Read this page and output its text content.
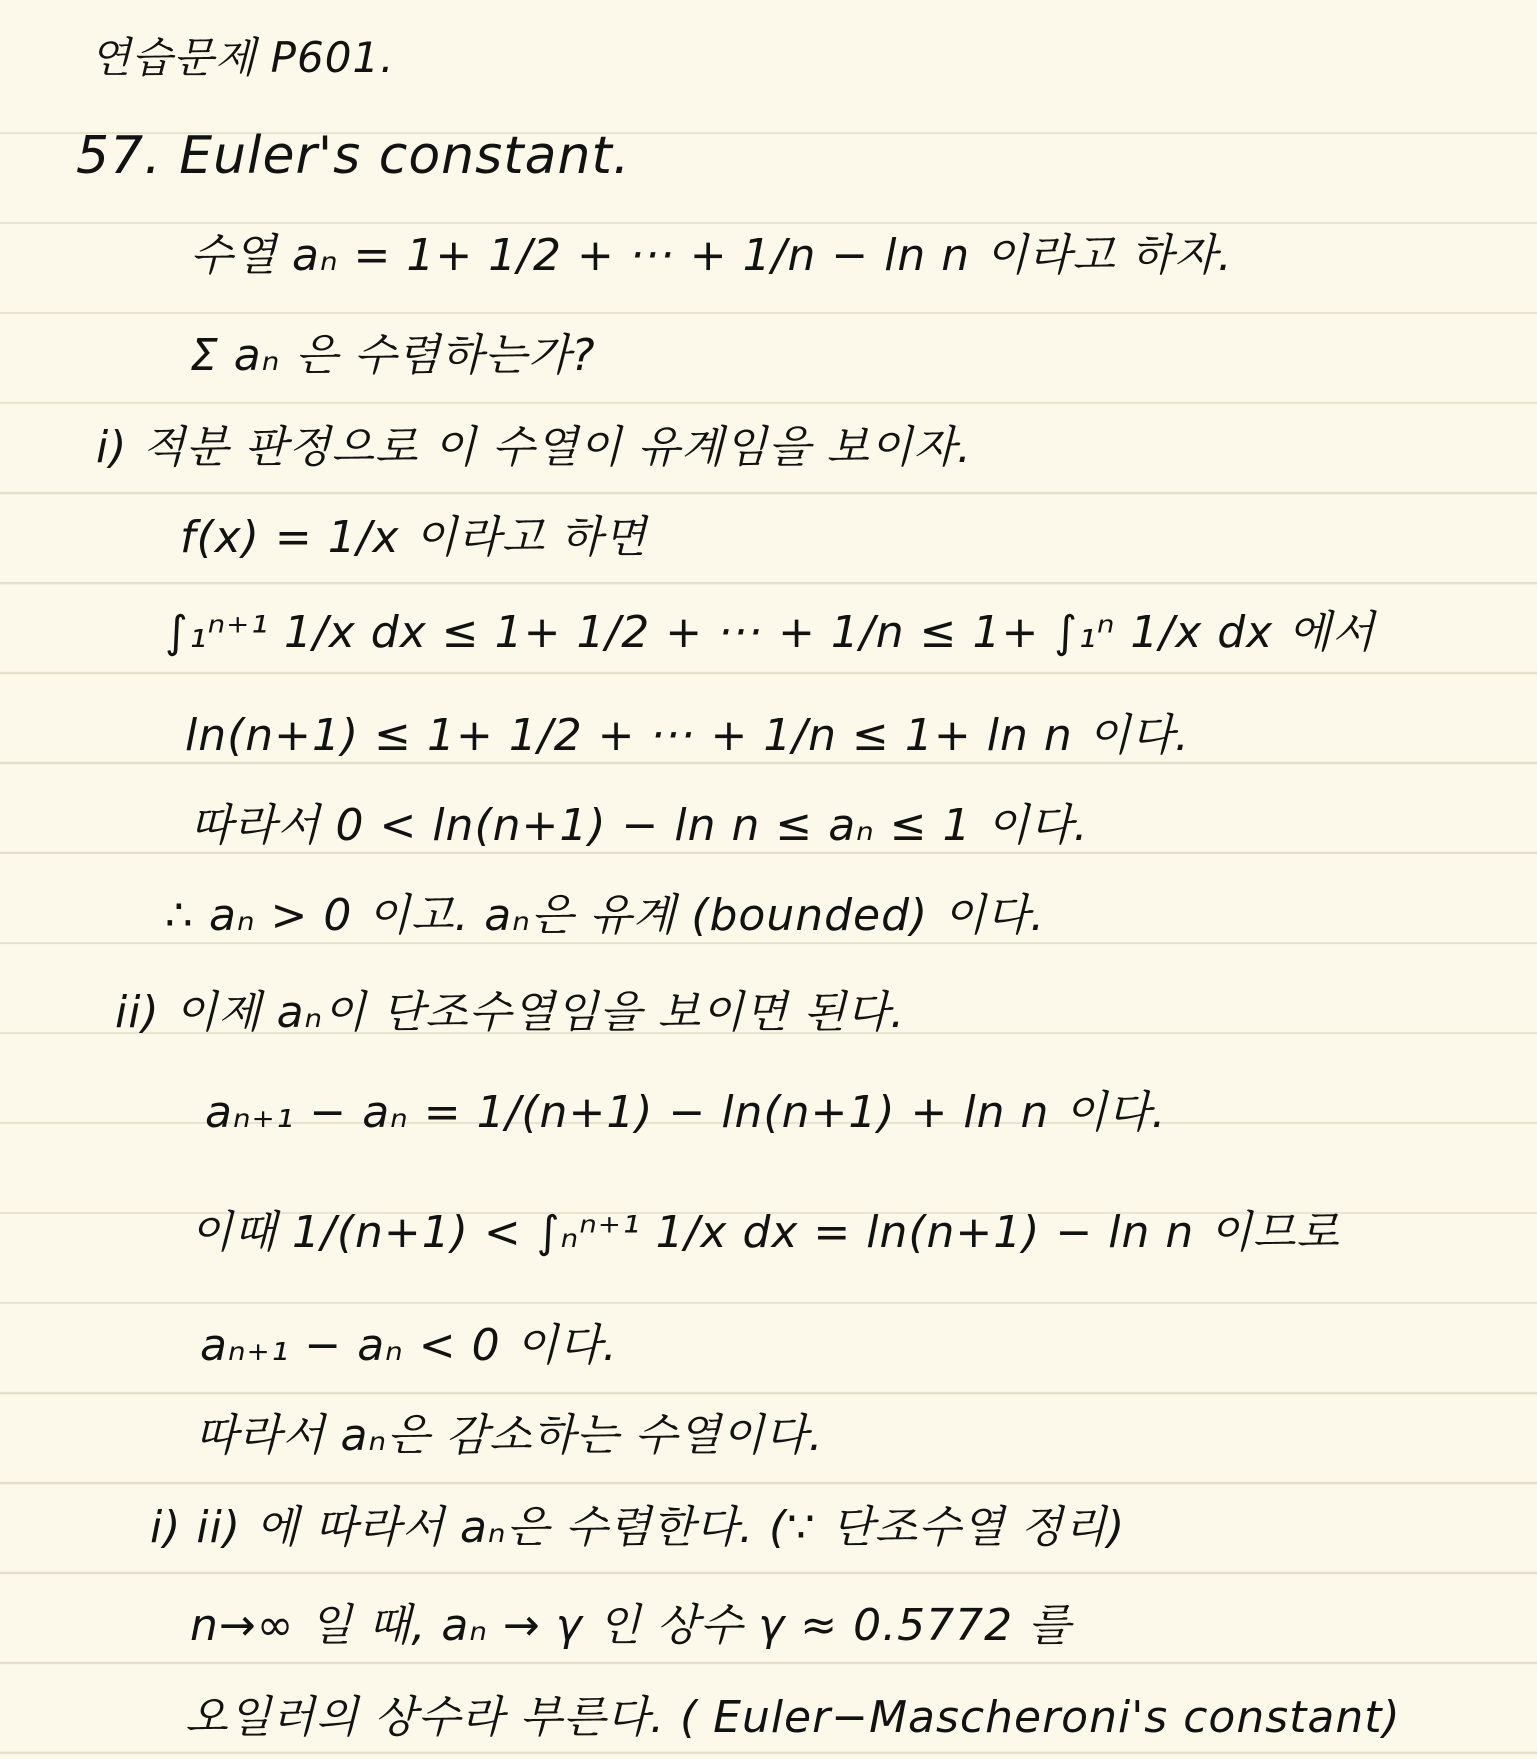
연습문제 P601.
57. Euler's constant.
수열 aₙ = 1+ 1/2 + ··· + 1/n − ln n 이라고 하자.
Σ aₙ 은 수렴하는가?
i) 적분 판정으로 이 수열이 유계임을 보이자.
f(x) = 1/x 이라고 하면
∫₁ⁿ⁺¹ 1/x dx ≤ 1+ 1/2 + ··· + 1/n ≤ 1+ ∫₁ⁿ 1/x dx 에서
ln(n+1) ≤ 1+ 1/2 + ··· + 1/n ≤ 1+ ln n 이다.
따라서 0 < ln(n+1) − ln n ≤ aₙ ≤ 1 이다.
∴ aₙ > 0 이고. aₙ은 유계 (bounded) 이다.
ii) 이제 aₙ이 단조수열임을 보이면 된다.
aₙ₊₁ − aₙ = 1/(n+1) − ln(n+1) + ln n 이다.
이때 1/(n+1) < ∫ₙⁿ⁺¹ 1/x dx = ln(n+1) − ln n 이므로
aₙ₊₁ − aₙ < 0 이다.
따라서 aₙ은 감소하는 수열이다.
i) ii) 에 따라서 aₙ은 수렴한다. (∵ 단조수열 정리)
n→∞ 일 때, aₙ → γ 인 상수 γ ≈ 0.5772 를
오일러의 상수라 부른다. ( Euler−Mascheroni's constant)
